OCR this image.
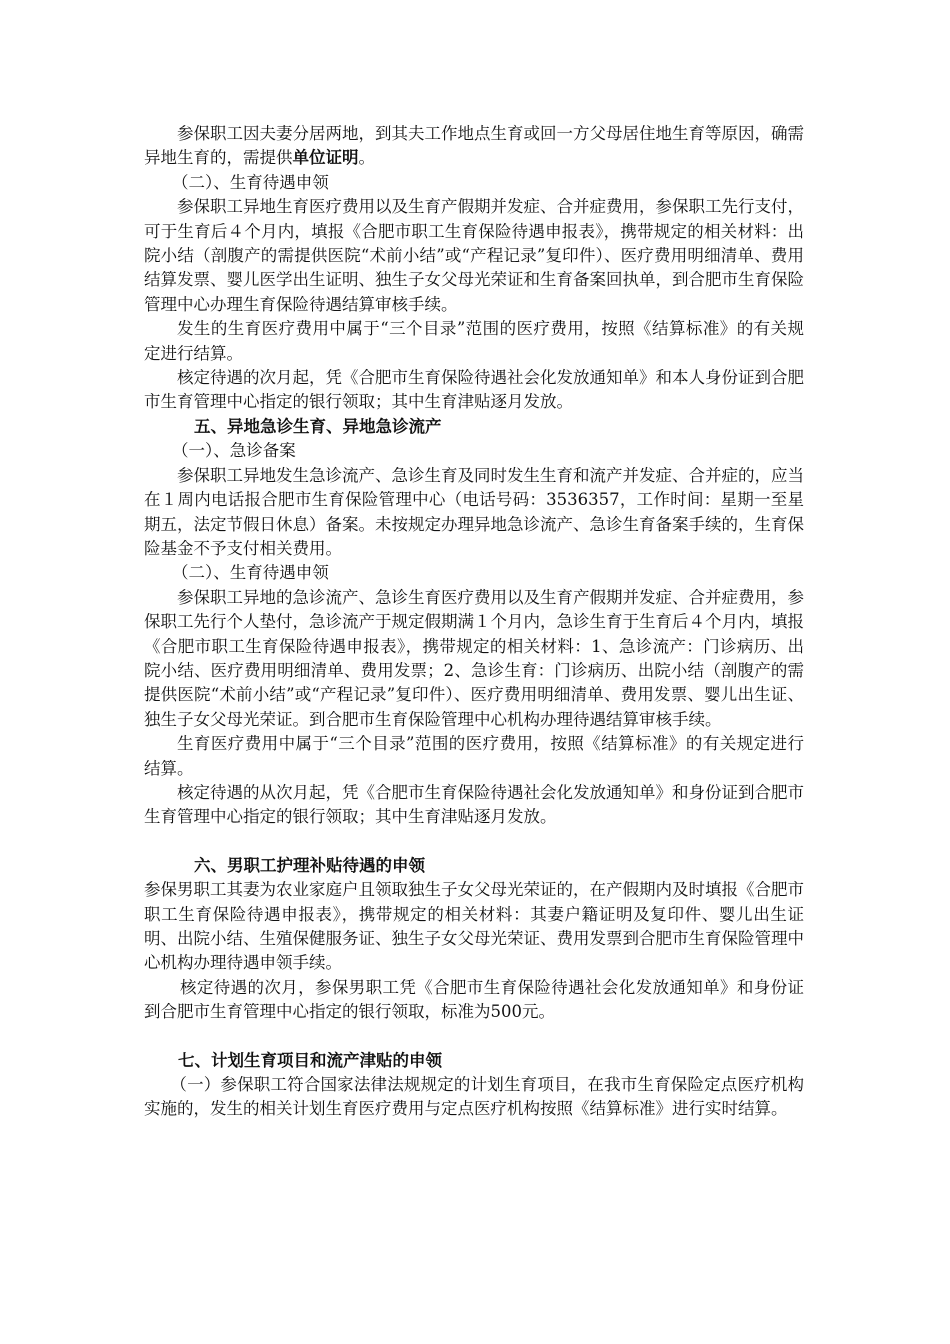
参保职工因夫妻分居两地，到其夫工作地点生育或回一方父母居住地生育等原因，确需异地生育的，需提供单位证明。

（二）、生育待遇申领

参保职工异地生育医疗费用以及生育产假期并发症、合并症费用，参保职工先行支付，可于生育后４个月内，填报《合肥市职工生育保险待遇申报表》，携带规定的相关材料：出院小结（剖腹产的需提供医院“术前小结”或“产程记录”复印件）、医疗费用明细清单、费用结算发票、婴儿医学出生证明、独生子女父母光荣证和生育备案回执单，到合肥市生育保险管理中心办理生育保险待遇结算审核手续。

发生的生育医疗费用中属于“三个目录”范围的医疗费用，按照《结算标准》的有关规定进行结算。

核定待遇的次月起，凭《合肥市生育保险待遇社会化发放通知单》和本人身份证到合肥市生育管理中心指定的银行领取；其中生育津贴逐月发放。

五、异地急诊生育、异地急诊流产

（一）、急诊备案

参保职工异地发生急诊流产、急诊生育及同时发生生育和流产并发症、合并症的，应当在１周内电话报合肥市生育保险管理中心（电话号码：3536357，工作时间：星期一至星期五，法定节假日休息）备案。未按规定办理异地急诊流产、急诊生育备案手续的，生育保险基金不予支付相关费用。

（二）、生育待遇申领

参保职工异地的急诊流产、急诊生育医疗费用以及生育产假期并发症、合并症费用，参保职工先行个人垫付，急诊流产于规定假期满１个月内，急诊生育于生育后４个月内，填报《合肥市职工生育保险待遇申报表》，携带规定的相关材料：1、急诊流产：门诊病历、出院小结、医疗费用明细清单、费用发票；2、急诊生育：门诊病历、出院小结（剖腹产的需提供医院“术前小结”或“产程记录”复印件）、医疗费用明细清单、费用发票、婴儿出生证、独生子女父母光荣证。到合肥市生育保险管理中心机构办理待遇结算审核手续。

生育医疗费用中属于“三个目录”范围的医疗费用，按照《结算标准》的有关规定进行结算。

核定待遇的从次月起，凭《合肥市生育保险待遇社会化发放通知单》和身份证到合肥市生育管理中心指定的银行领取；其中生育津贴逐月发放。

六、男职工护理补贴待遇的申领

参保男职工其妻为农业家庭户且领取独生子女父母光荣证的，在产假期内及时填报《合肥市职工生育保险待遇申报表》，携带规定的相关材料：其妻户籍证明及复印件、婴儿出生证明、出院小结、生殖保健服务证、独生子女父母光荣证、费用发票到合肥市生育保险管理中心机构办理待遇申领手续。

核定待遇的次月，参保男职工凭《合肥市生育保险待遇社会化发放通知单》和身份证到合肥市生育管理中心指定的银行领取，标准为500元。

七、计划生育项目和流产津贴的申领

（一）参保职工符合国家法律法规规定的计划生育项目，在我市生育保险定点医疗机构实施的，发生的相关计划生育医疗费用与定点医疗机构按照《结算标准》进行实时结算。
